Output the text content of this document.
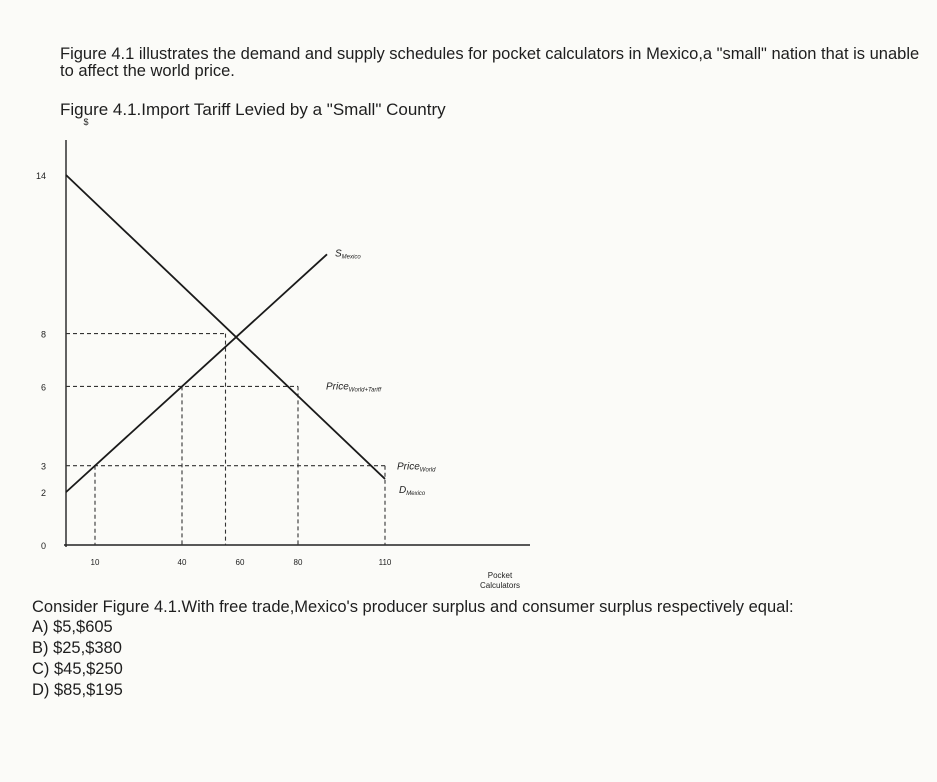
Figure 4.1 illustrates the demand and supply schedules for pocket calculators in Mexico,a "small" nation that is unable to affect the world price.
Figure 4.1.Import Tariff Levied by a "Small" Country
$
0
2
3
6
8
14
10	40	60	80	110
Pocket
Calculators
$S_{Mexico}$
$D_{Mexico}$
Price$_{World+Tariff}$
Price$_{World}$
Consider Figure 4.1.With free trade,Mexico's producer surplus and consumer surplus respectively equal:
A) $5,$605
B) $25,$380
C) $45,$250
D) $85,$195
